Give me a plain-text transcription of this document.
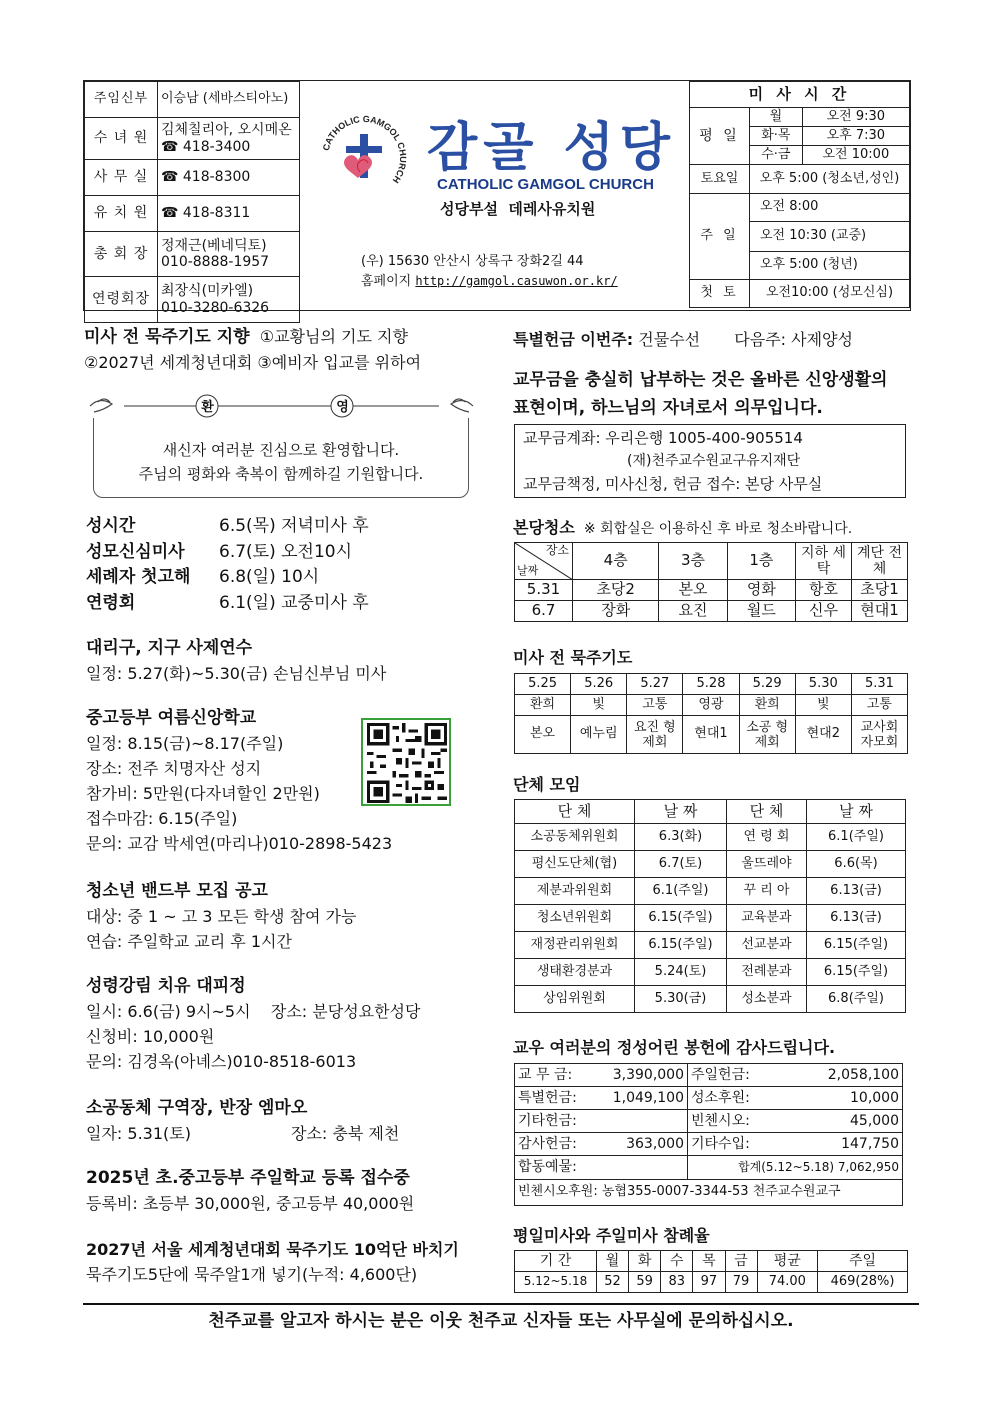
주임신부	이승남 (세바스티아노)
수 녀 원	김체칠리아, 오시메온
☎ 418-3400

사 무 실	☎ 418-8300
유 치 원	☎ 418-8311
총 회 장	정재근(베네딕토)
010-8888-1957

연령회장	최장식(미카엘)
010-3280-6326
CATHOLIC GAMGOL CHURCH
감골 성당
CATHOLIC GAMGOL CHURCH
성당부설 데레사유치원
(우) 15630 안산시 상록구 장화2길 44
홈페이지 http://gamgol.casuwon.or.kr/
미 사 시 간		
평 일	월	오전 9:30
	화·목	오후 7:30
	수·금	오전 10:00
토요일	오후 5:00 (청소년,성인)	
주 일	오전 8:00	
	오전 10:30 (교중)	
	오후 5:00 (청년)	
첫 토	오전10:00 (성모신심)	
미사 전 묵주기도 지향 ①교황님의 기도 지향
②2027년 세계청년대회 ③예비자 입교를 위하여
환	영
새신자 여러분 진심으로 환영합니다.
주님의 평화와 축복이 함께하길 기원합니다.
성시간	6.5(목) 저녁미사 후
성모신심미사	6.7(토) 오전10시
세례자 첫고해	6.8(일) 10시
연령회	6.1(일) 교중미사 후
대리구, 지구 사제연수
일정: 5.27(화)~5.30(금) 손님신부님 미사
중고등부 여름신앙학교
일정: 8.15(금)~8.17(주일)
장소: 전주 치명자산 성지
참가비: 5만원(다자녀할인 2만원)
접수마감: 6.15(주일)
문의: 교감 박세연(마리나)010-2898-5423
청소년 밴드부 모집 공고
대상: 중 1 ~ 고 3 모든 학생 참여 가능
연습: 주일학교 교리 후 1시간
성령강림 치유 대피정
일시: 6.6(금) 9시~5시 장소: 분당성요한성당
신청비: 10,000원
문의: 김경옥(아녜스)010-8518-6013
소공동체 구역장, 반장 엠마오
일자: 5.31(토)	장소: 충북 제천
2025년 초.중고등부 주일학교 등록 접수중
등록비: 초등부 30,000원, 중고등부 40,000원
2027년 서울 세계청년대회 묵주기도 10억단 바치기
묵주기도5단에 묵주알1개 넣기(누적: 4,600단)
특별헌금 이번주: 건물수선 다음주: 사제양성
교무금을 충실히 납부하는 것은 올바른 신앙생활의
표현이며, 하느님의 자녀로서 의무입니다.
교무금계좌: 우리은행 1005-400-905514
(재)천주교수원교구유지재단
교무금책정, 미사신청, 헌금 접수: 본당 사무실
본당청소 ※ 회합실은 이용하신 후 바로 청소바랍니다.
장소
날짜	4층	3층	1층	지하 세탁	계단 전체
5.31	초당2	본오	영화	항호	초당1
6.7	장화	요진	월드	신우	현대1
미사 전 묵주기도
5.25	5.26	5.27	5.28	5.29	5.30	5.31
환희	빛	고통	영광	환희	빛	고통
본오	예누림	요진 형제회	현대1	소공 형제회	현대2	교사회 자모회
단체 모임
단 체	날 짜	단 체	날 짜
소공동체위원회	6.3(화)	연 령 회	6.1(주일)
평신도단체(협)	6.7(토)	울뜨레야	6.6(목)
제분과위원회	6.1(주일)	꾸 리 아	6.13(금)
청소년위원회	6.15(주일)	교육분과	6.13(금)
재정관리위원회	6.15(주일)	선교분과	6.15(주일)
생태환경분과	5.24(토)	전례분과	6.15(주일)
상임위원회	5.30(금)	성소분과	6.8(주일)
교우 여러분의 정성어린 봉헌에 감사드립니다.
교 무 금:	3,390,000	주일헌금:	2,058,100
특별헌금:	1,049,100	성소후원:	10,000
기타헌금:		빈첸시오:	45,000
감사헌금:	363,000	기타수입:	147,750
합동예물:		합계(5.12~5.18) 7,062,950	
빈첸시오후원: 농협355-0007-3344-53 천주교수원교구			
평일미사와 주일미사 참례율
기 간	월	화	수	목	금	평균	주일
5.12~5.18	52	59	83	97	79	74.00	469(28%)
천주교를 알고자 하시는 분은 이웃 천주교 신자들 또는 사무실에 문의하십시오.
